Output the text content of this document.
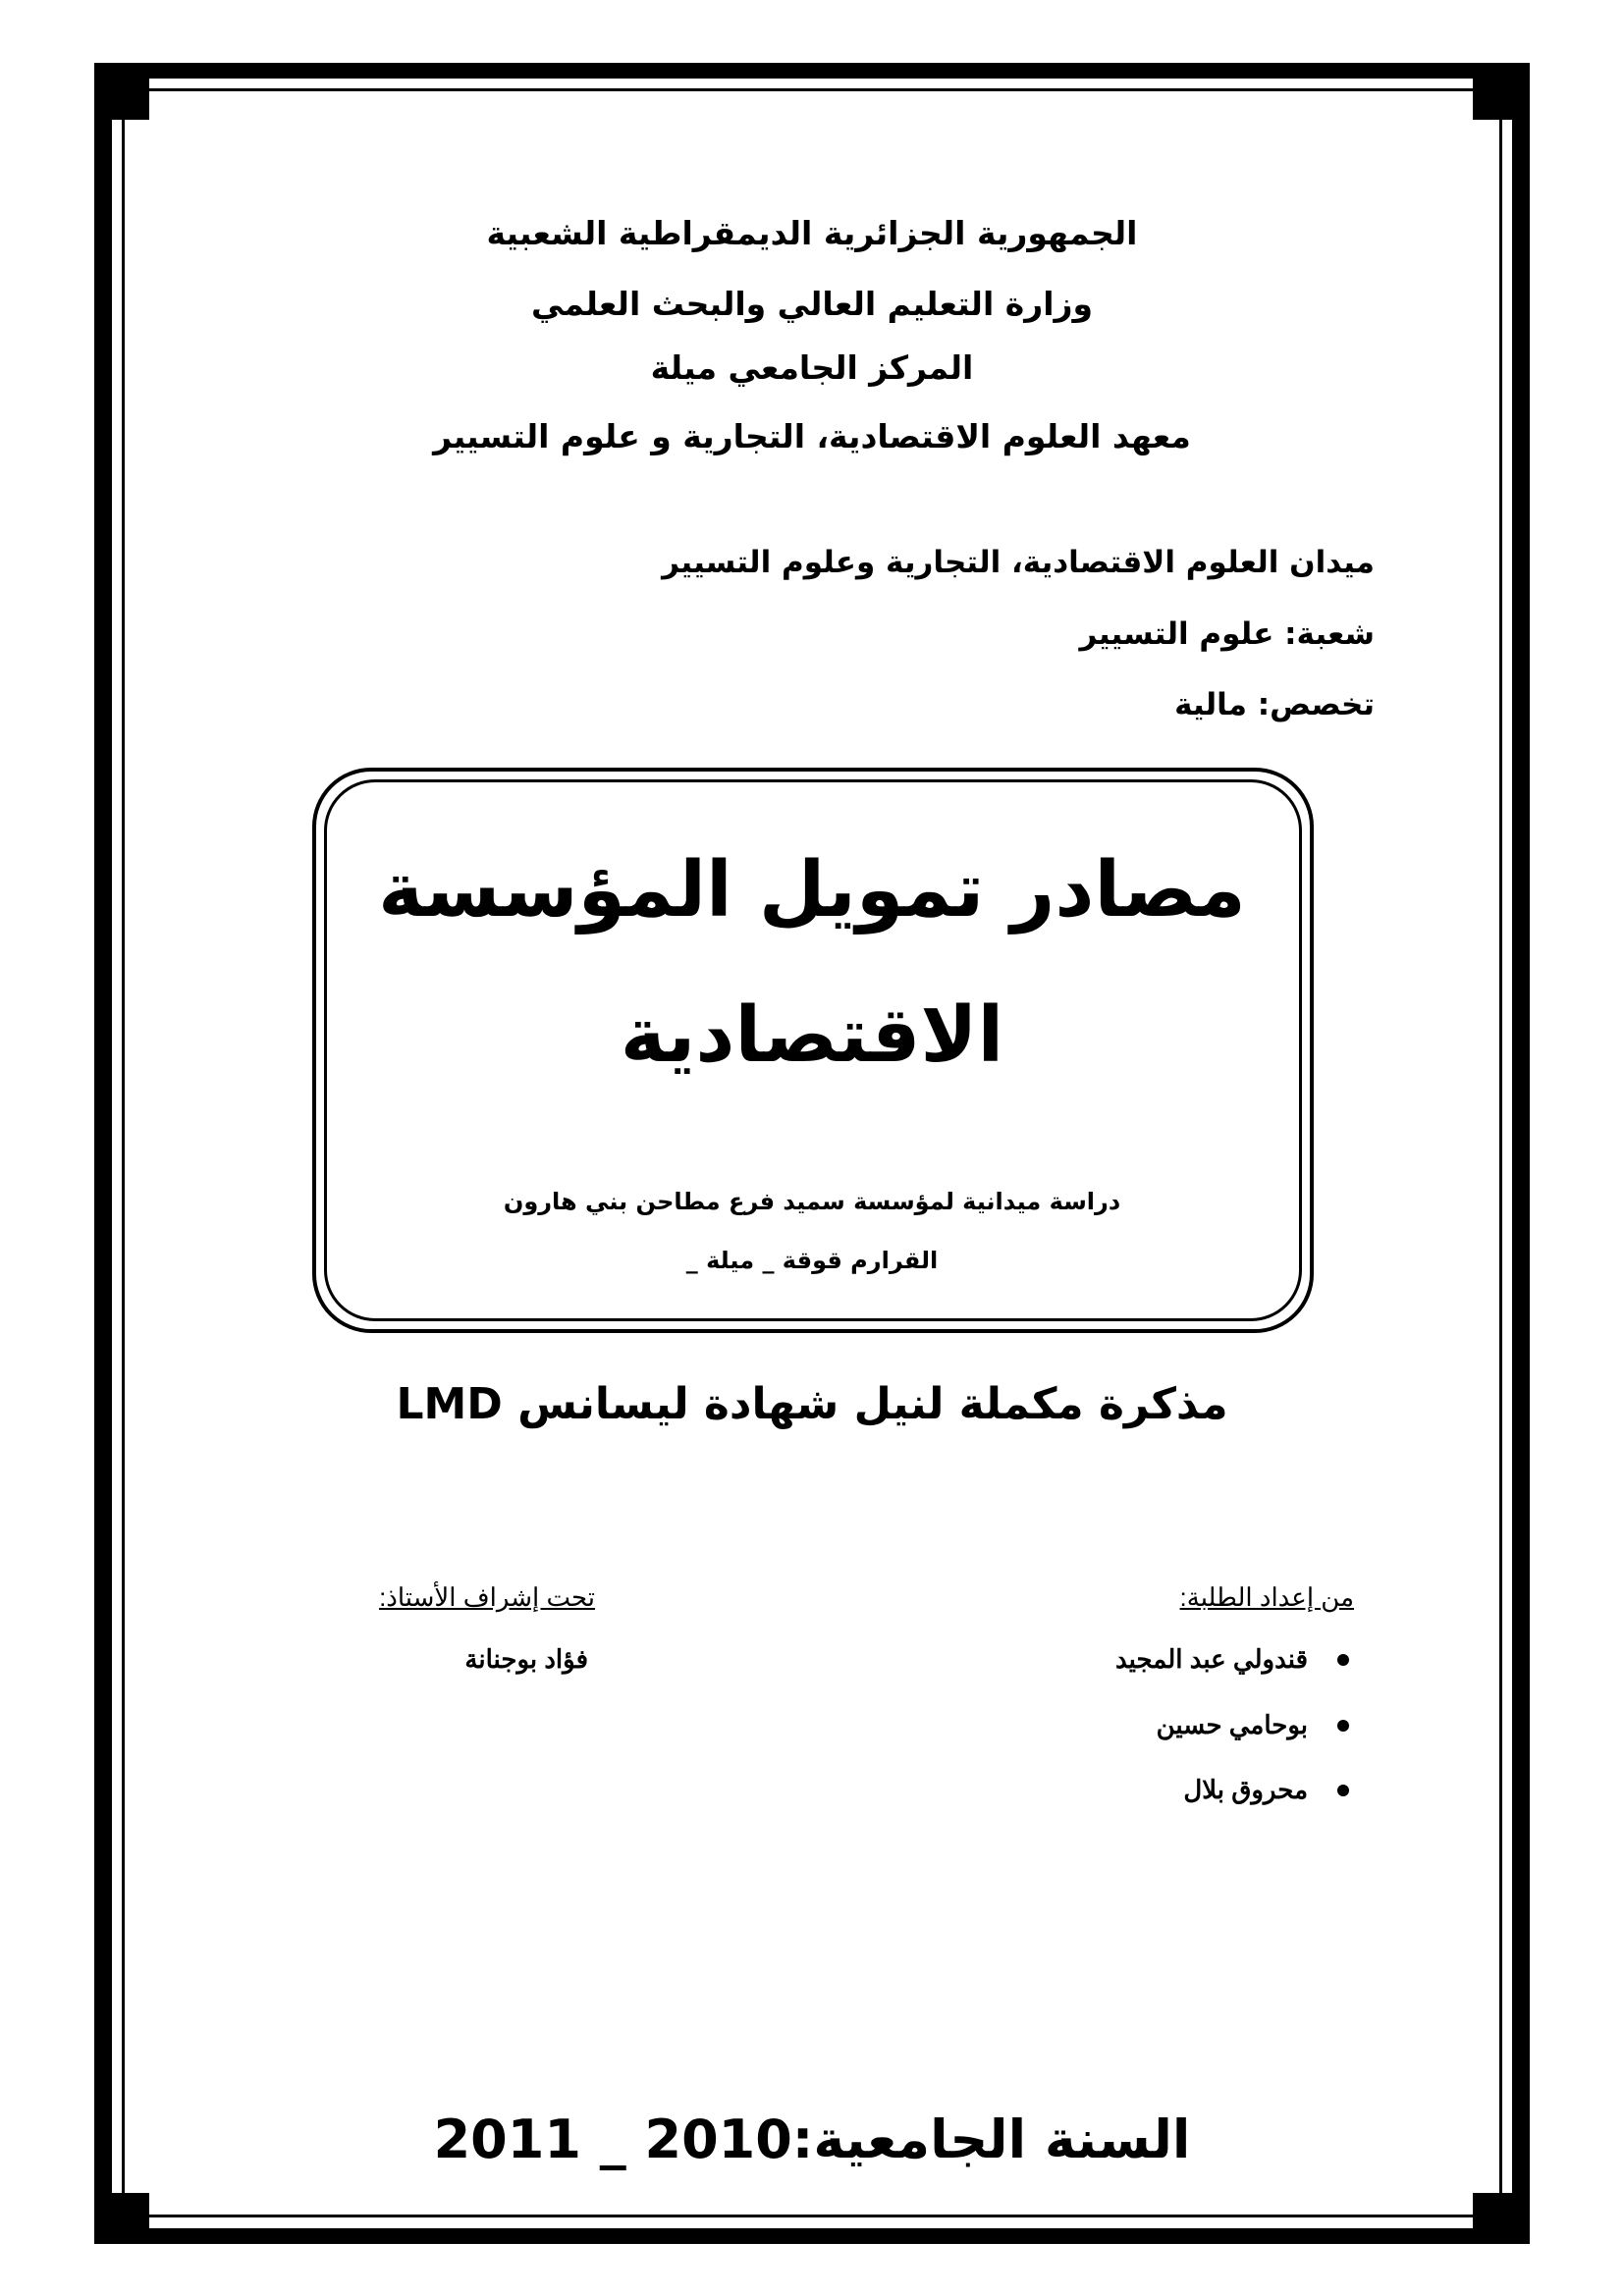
الجمهورية الجزائرية الديمقراطية الشعبية
وزارة التعليم العالي والبحث العلمي
المركز الجامعي ميلة
معهد العلوم الاقتصادية، التجارية و علوم التسيير
ميدان العلوم الاقتصادية، التجارية وعلوم التسيير
شعبة: علوم التسيير
تخصص: مالية
مصادر تمويل المؤسسة
الاقتصادية
دراسة ميدانية لمؤسسة سميد فرع مطاحن بني هارون
القرارم قوقة _ ميلة _
مذكرة مكملة لنيل شهادة ليسانس LMD
من إعداد الطلبة:
قندولي عبد المجيد
بوحامي حسين
محروق بلال
تحت إشراف الأستاذ:
فؤاد بوجنانة
السنة الجامعية:2010 _ 2011
